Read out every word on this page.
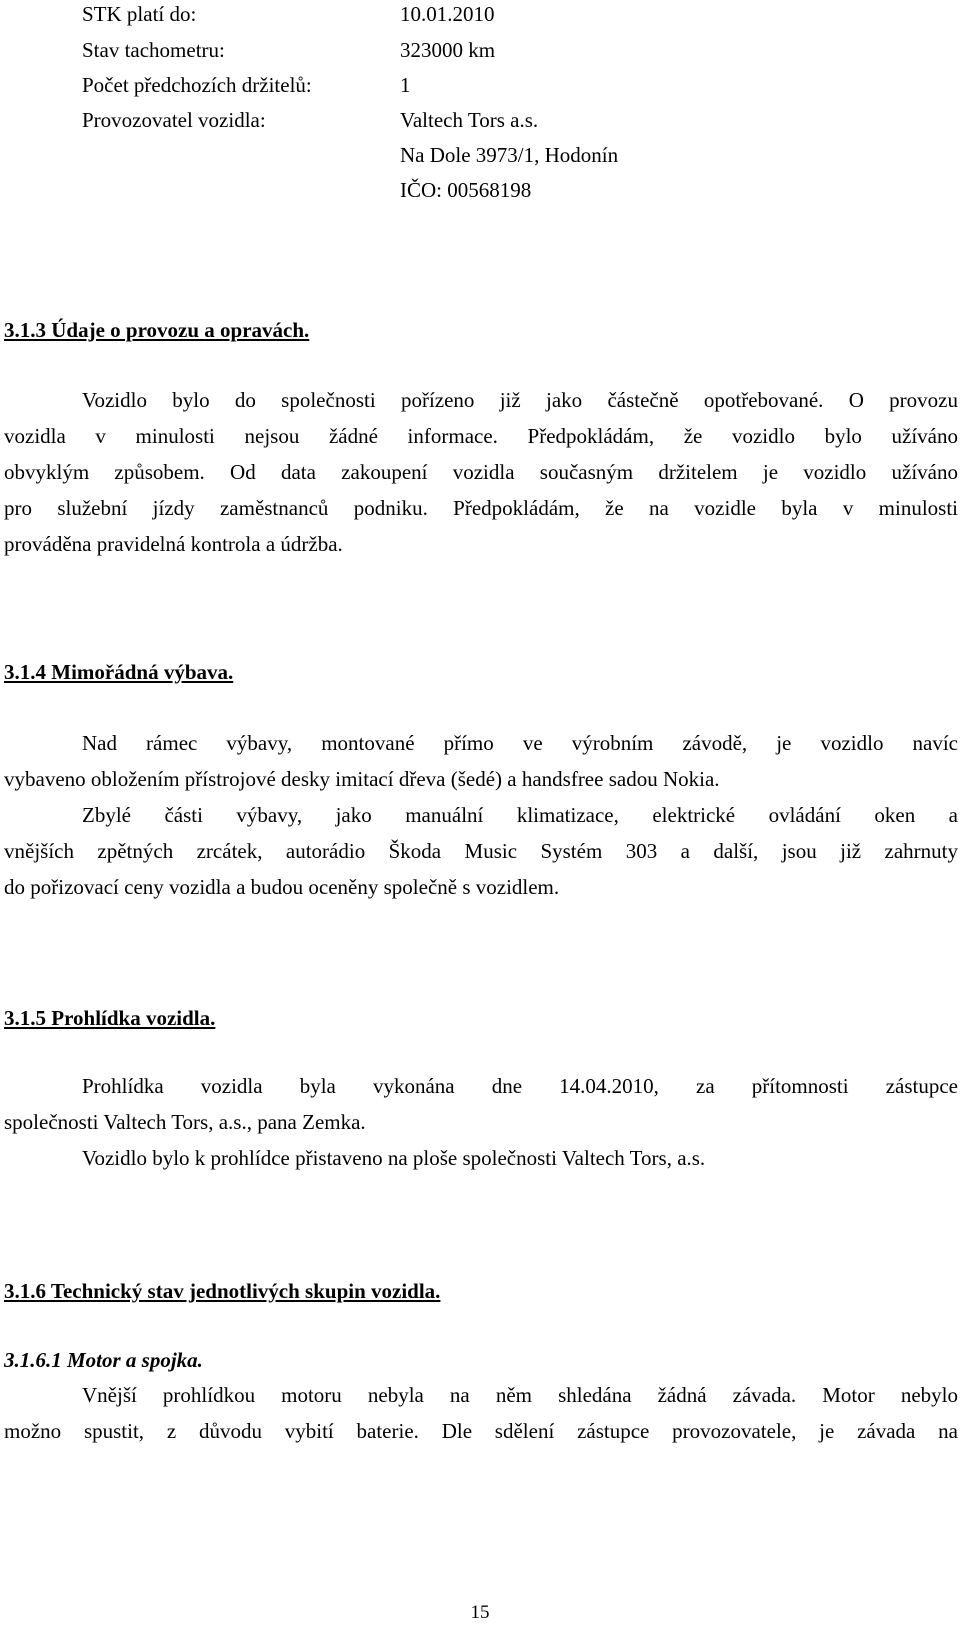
STK platí do:	10.01.2010
Stav tachometru:	323000 km
Počet předchozích držitelů:	1
Provozovatel vozidla:	Valtech Tors a.s.
Na Dole 3973/1, Hodonín
IČO: 00568198
3.1.3 Údaje o provozu a opravách.
Vozidlo bylo do společnosti pořízeno již jako částečně opotřebované. O provozu
vozidla v minulosti nejsou žádné informace. Předpokládám, že vozidlo bylo užíváno
obvyklým způsobem. Od data zakoupení vozidla současným držitelem je vozidlo užíváno
pro služební jízdy zaměstnanců podniku. Předpokládám, že na vozidle byla v minulosti
prováděna pravidelná kontrola a údržba.
3.1.4 Mimořádná výbava.
Nad rámec výbavy, montované přímo ve výrobním závodě, je vozidlo navíc
vybaveno obložením přístrojové desky imitací dřeva (šedé) a handsfree sadou Nokia.
Zbylé části výbavy, jako manuální klimatizace, elektrické ovládání oken a
vnějších zpětných zrcátek, autorádio Škoda Music Systém 303 a další, jsou již zahrnuty
do pořizovací ceny vozidla a budou oceněny společně s vozidlem.
3.1.5 Prohlídka vozidla.
Prohlídka vozidla byla vykonána dne 14.04.2010, za přítomnosti zástupce
společnosti Valtech Tors, a.s., pana Zemka.
Vozidlo bylo k prohlídce přistaveno na ploše společnosti Valtech Tors, a.s.
3.1.6 Technický stav jednotlivých skupin vozidla.
3.1.6.1 Motor a spojka.
Vnější prohlídkou motoru nebyla na něm shledána žádná závada. Motor nebylo
možno spustit, z důvodu vybití baterie. Dle sdělení zástupce provozovatele, je závada na
15
